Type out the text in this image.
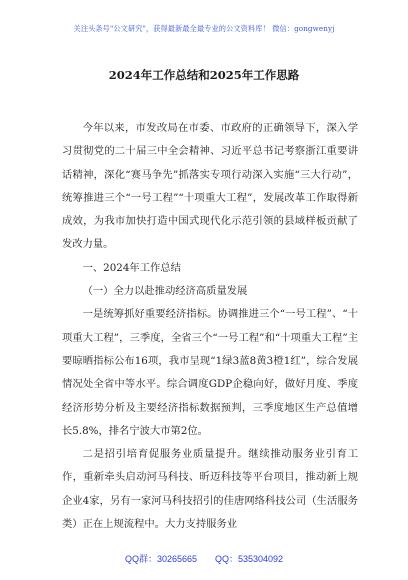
关注头条号"公文研究"，获得最新最全最专业的公文资料库！ 微信：gongwenyj
2024年工作总结和2025年工作思路

今年以来，市发改局在市委、市政府的正确领导下，深入学习贯彻党的二十届三中全会精神、习近平总书记考察浙江重要讲话精神，深化“赛马争先”抓落实专项行动深入实施“三大行动”，统筹推进三个“一号工程”“十项重大工程”，发展改革工作取得新成效，为我市加快打造中国式现代化示范引领的县域样板贡献了发改力量。

一、2024年工作总结

（一）全力以赴推动经济高质量发展

一是统筹抓好重要经济指标。协调推进三个“一号工程”、“十项重大工程”，三季度，全省三个“一号工程”和“十项重大工程”主要晾晒指标公布16项，我市呈现“1绿3蓝8黄3橙1红”，综合发展情况处全省中等水平。综合调度GDP企稳向好，做好月度、季度经济形势分析及主要经济指标数据预判，三季度地区生产总值增长5.8%，排名宁波大市第2位。

二是招引培育促服务业质量提升。继续推动服务业引育工作，重新牵头启动河马科技、昕迈科技等平台项目，推动新上规企业4家，另有一家河马科技招引的佳唐网络科技公司（生活服务类）正在上规流程中。大力支持服务业

QQ群：30265665 QQ：535304092
